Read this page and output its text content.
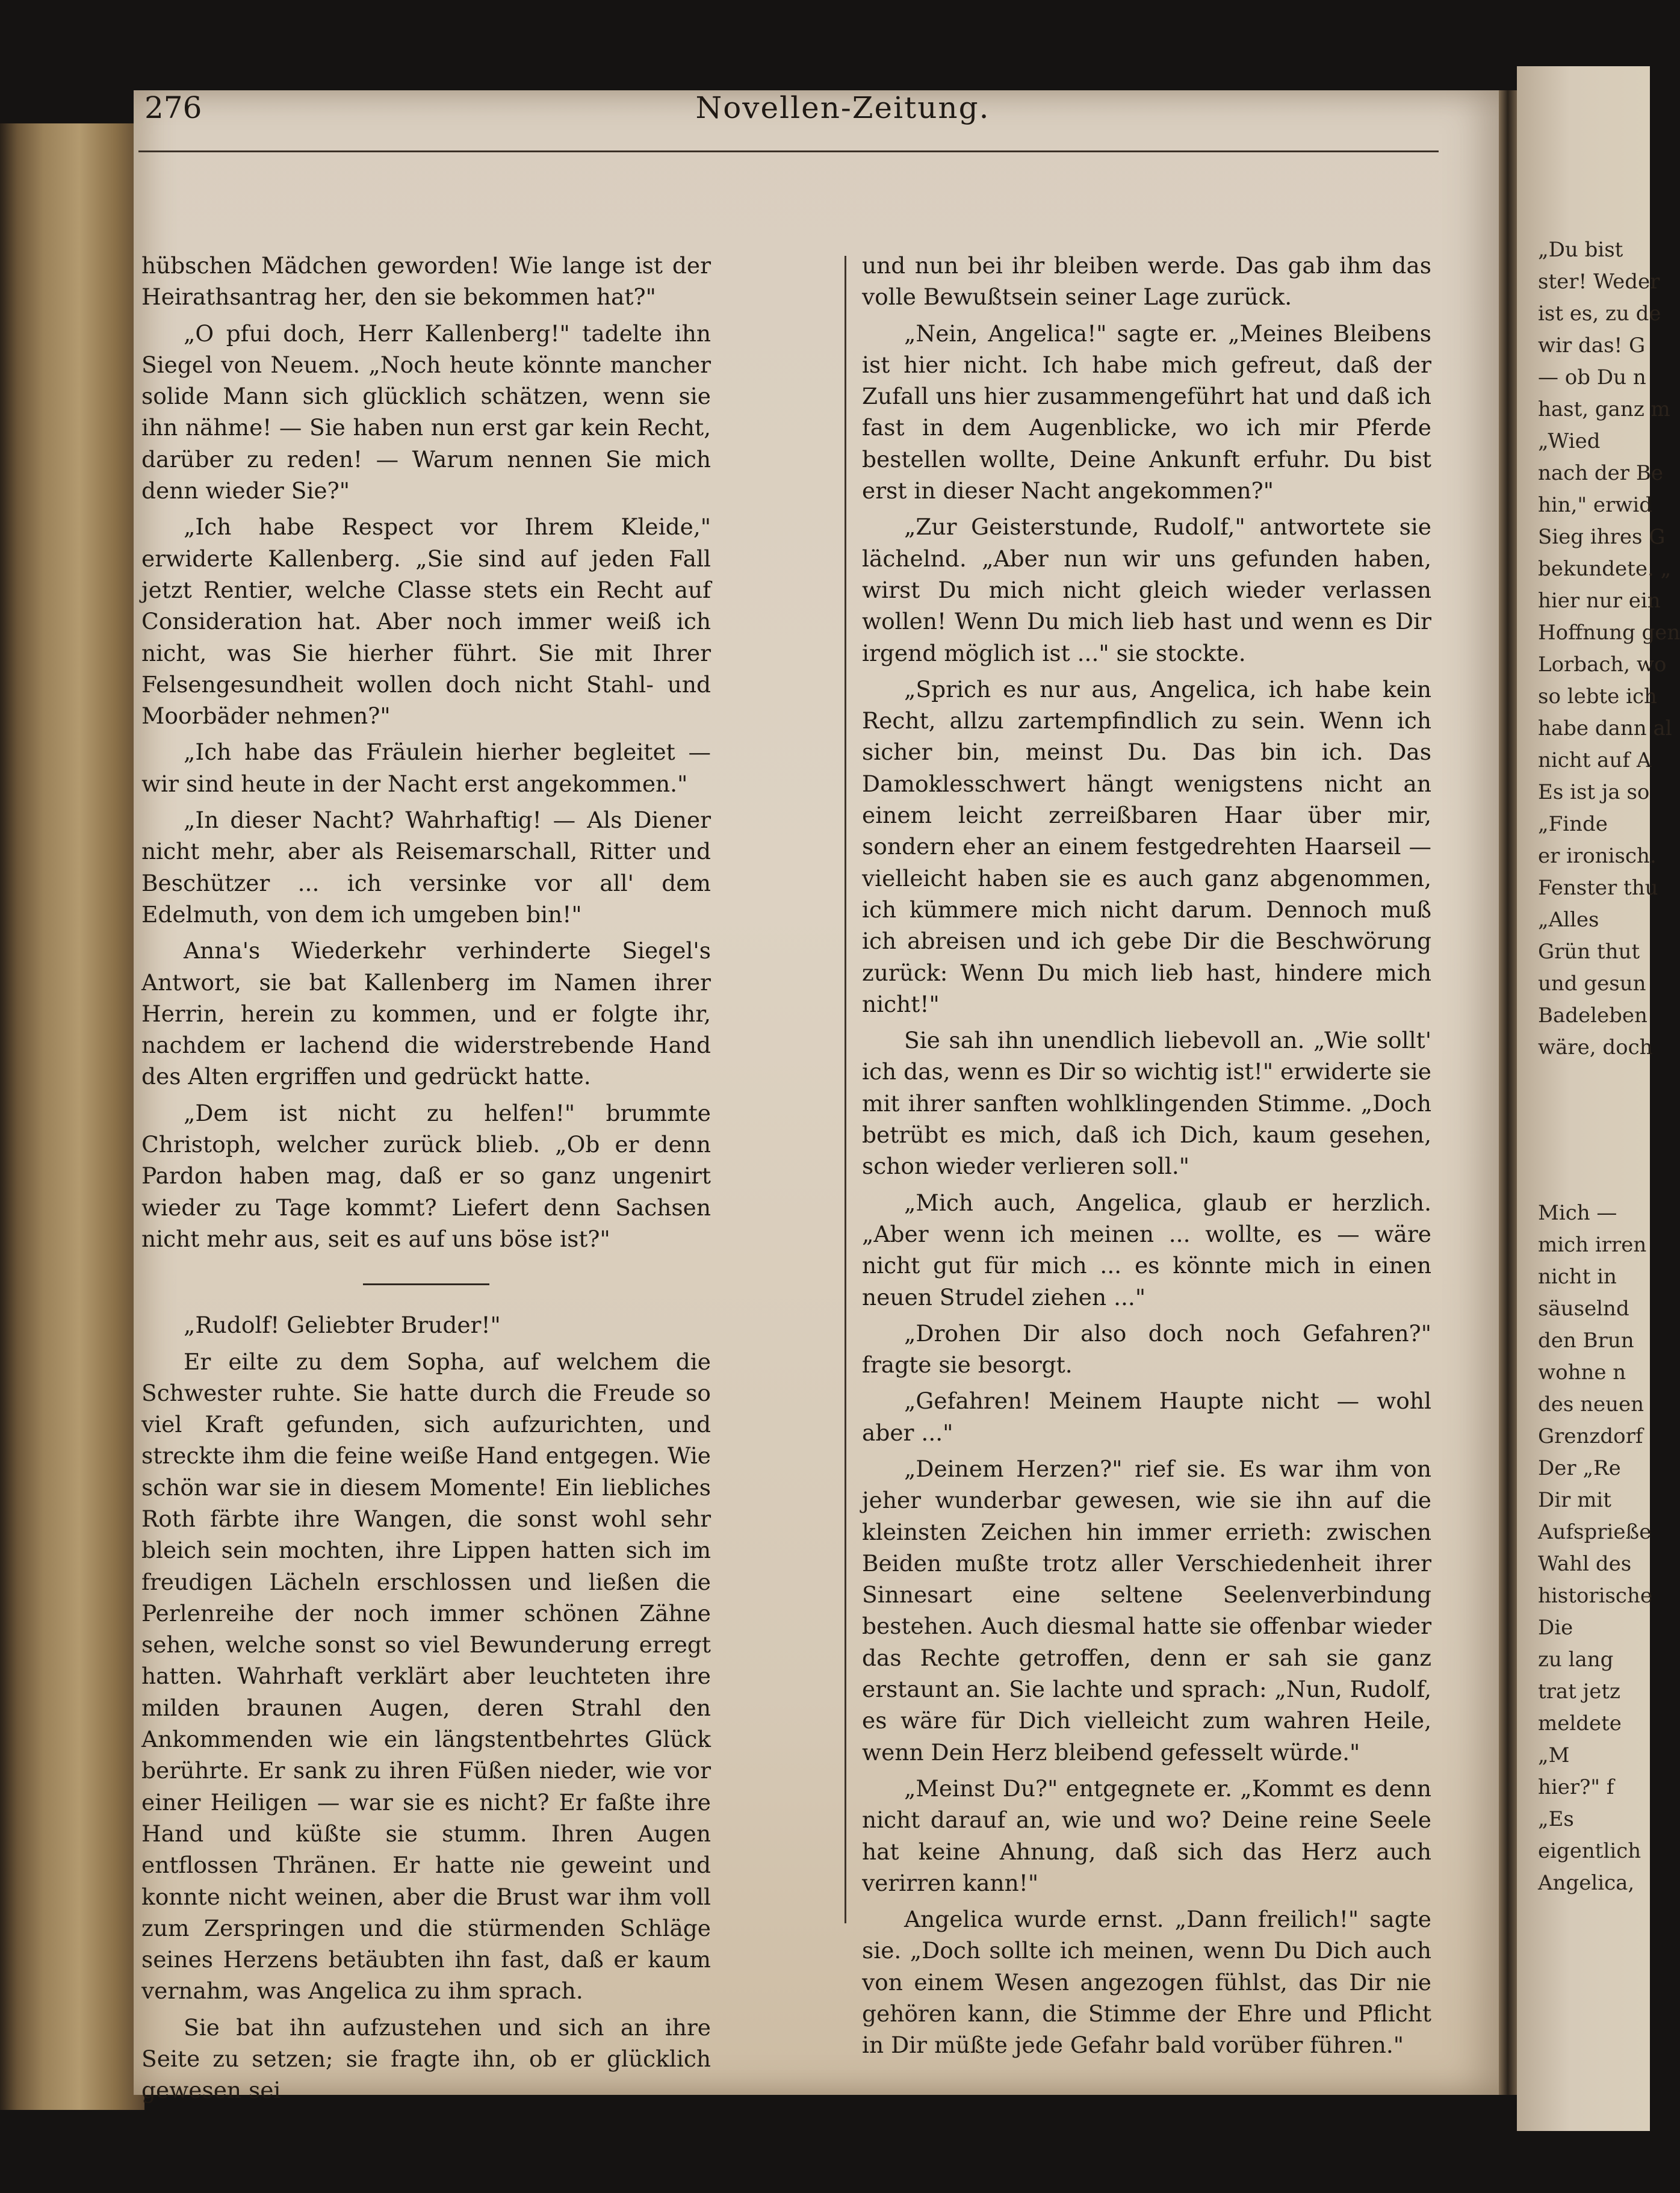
276	Novellen-Zeitung.

hübschen Mädchen geworden! Wie lange ist der Heirathsantrag her, den sie bekommen hat?"

„O pfui doch, Herr Kallenberg!" tadelte ihn Siegel von Neuem. „Noch heute könnte mancher solide Mann sich glücklich schätzen, wenn sie ihn nähme! — Sie haben nun erst gar kein Recht, darüber zu reden! — Warum nennen Sie mich denn wieder Sie?"

„Ich habe Respect vor Ihrem Kleide," erwiderte Kallenberg. „Sie sind auf jeden Fall jetzt Rentier, welche Classe stets ein Recht auf Consideration hat. Aber noch immer weiß ich nicht, was Sie hierher führt. Sie mit Ihrer Felsengesundheit wollen doch nicht Stahl- und Moorbäder nehmen?"

„Ich habe das Fräulein hierher begleitet — wir sind heute in der Nacht erst angekommen."

„In dieser Nacht? Wahrhaftig! — Als Diener nicht mehr, aber als Reisemarschall, Ritter und Beschützer ... ich versinke vor all' dem Edelmuth, von dem ich umgeben bin!"

Anna's Wiederkehr verhinderte Siegel's Antwort, sie bat Kallenberg im Namen ihrer Herrin, herein zu kommen, und er folgte ihr, nachdem er lachend die widerstrebende Hand des Alten ergriffen und gedrückt hatte.

„Dem ist nicht zu helfen!" brummte Christoph, welcher zurück blieb. „Ob er denn Pardon haben mag, daß er so ganz ungenirt wieder zu Tage kommt? Liefert denn Sachsen nicht mehr aus, seit es auf uns böse ist?"

„Rudolf! Geliebter Bruder!"

Er eilte zu dem Sopha, auf welchem die Schwester ruhte. Sie hatte durch die Freude so viel Kraft gefunden, sich aufzurichten, und streckte ihm die feine weiße Hand entgegen. Wie schön war sie in diesem Momente! Ein liebliches Roth färbte ihre Wangen, die sonst wohl sehr bleich sein mochten, ihre Lippen hatten sich im freudigen Lächeln erschlossen und ließen die Perlenreihe der noch immer schönen Zähne sehen, welche sonst so viel Bewunderung erregt hatten. Wahrhaft verklärt aber leuchteten ihre milden braunen Augen, deren Strahl den Ankommenden wie ein längstentbehrtes Glück berührte. Er sank zu ihren Füßen nieder, wie vor einer Heiligen — war sie es nicht? Er faßte ihre Hand und küßte sie stumm. Ihren Augen entflossen Thränen. Er hatte nie geweint und konnte nicht weinen, aber die Brust war ihm voll zum Zerspringen und die stürmenden Schläge seines Herzens betäubten ihn fast, daß er kaum vernahm, was Angelica zu ihm sprach.

Sie bat ihn aufzustehen und sich an ihre Seite zu setzen; sie fragte ihn, ob er glücklich gewesen sei

und nun bei ihr bleiben werde. Das gab ihm das volle Bewußtsein seiner Lage zurück.

„Nein, Angelica!" sagte er. „Meines Bleibens ist hier nicht. Ich habe mich gefreut, daß der Zufall uns hier zusammengeführt hat und daß ich fast in dem Augenblicke, wo ich mir Pferde bestellen wollte, Deine Ankunft erfuhr. Du bist erst in dieser Nacht angekommen?"

„Zur Geisterstunde, Rudolf," antwortete sie lächelnd. „Aber nun wir uns gefunden haben, wirst Du mich nicht gleich wieder verlassen wollen! Wenn Du mich lieb hast und wenn es Dir irgend möglich ist ..." sie stockte.

„Sprich es nur aus, Angelica, ich habe kein Recht, allzu zartempfindlich zu sein. Wenn ich sicher bin, meinst Du. Das bin ich. Das Damoklesschwert hängt wenigstens nicht an einem leicht zerreißbaren Haar über mir, sondern eher an einem festgedrehten Haarseil — vielleicht haben sie es auch ganz abgenommen, ich kümmere mich nicht darum. Dennoch muß ich abreisen und ich gebe Dir die Beschwörung zurück: Wenn Du mich lieb hast, hindere mich nicht!"

Sie sah ihn unendlich liebevoll an. „Wie sollt' ich das, wenn es Dir so wichtig ist!" erwiderte sie mit ihrer sanften wohlklingenden Stimme. „Doch betrübt es mich, daß ich Dich, kaum gesehen, schon wieder verlieren soll."

„Mich auch, Angelica, glaub er herzlich. „Aber wenn ich meinen ... wollte, es — wäre nicht gut für mich ... es könnte mich in einen neuen Strudel ziehen ..."

„Drohen Dir also doch noch Gefahren?" fragte sie besorgt.

„Gefahren! Meinem Haupte nicht — wohl aber ..."

„Deinem Herzen?" rief sie. Es war ihm von jeher wunderbar gewesen, wie sie ihn auf die kleinsten Zeichen hin immer errieth: zwischen Beiden mußte trotz aller Verschiedenheit ihrer Sinnesart eine seltene Seelenverbindung bestehen. Auch diesmal hatte sie offenbar wieder das Rechte getroffen, denn er sah sie ganz erstaunt an. Sie lachte und sprach: „Nun, Rudolf, es wäre für Dich vielleicht zum wahren Heile, wenn Dein Herz bleibend gefesselt würde."

„Meinst Du?" entgegnete er. „Kommt es denn nicht darauf an, wie und wo? Deine reine Seele hat keine Ahnung, daß sich das Herz auch verirren kann!"

Angelica wurde ernst. „Dann freilich!" sagte sie. „Doch sollte ich meinen, wenn Du Dich auch von einem Wesen angezogen fühlst, das Dir nie gehören kann, die Stimme der Ehre und Pflicht in Dir müßte jede Gefahr bald vorüber führen."

„Du bist
ster! Weder
ist es, zu de
wir das! G
— ob Du n
hast, ganz m
„Wied
nach der Be
hin," erwid
Sieg ihres G
bekundete. „
hier nur ein
Hoffnung gen
Lorbach, wo
so lebte ich
habe dann al
nicht auf A
Es ist ja so
„Finde
er ironisch.
Fenster thu
„Alles
Grün thut
und gesun
Badeleben
wäre, doch
Mich —
mich irren
nicht in
säuselnd
den Brun
wohne n
des neuen
Grenzdorf
Der „Re
Dir mit
Aufsprieße
Wahl des
historische
Die
zu lang
trat jetz
meldete
„M
hier?" f
„Es
eigentlich
Angelica,
